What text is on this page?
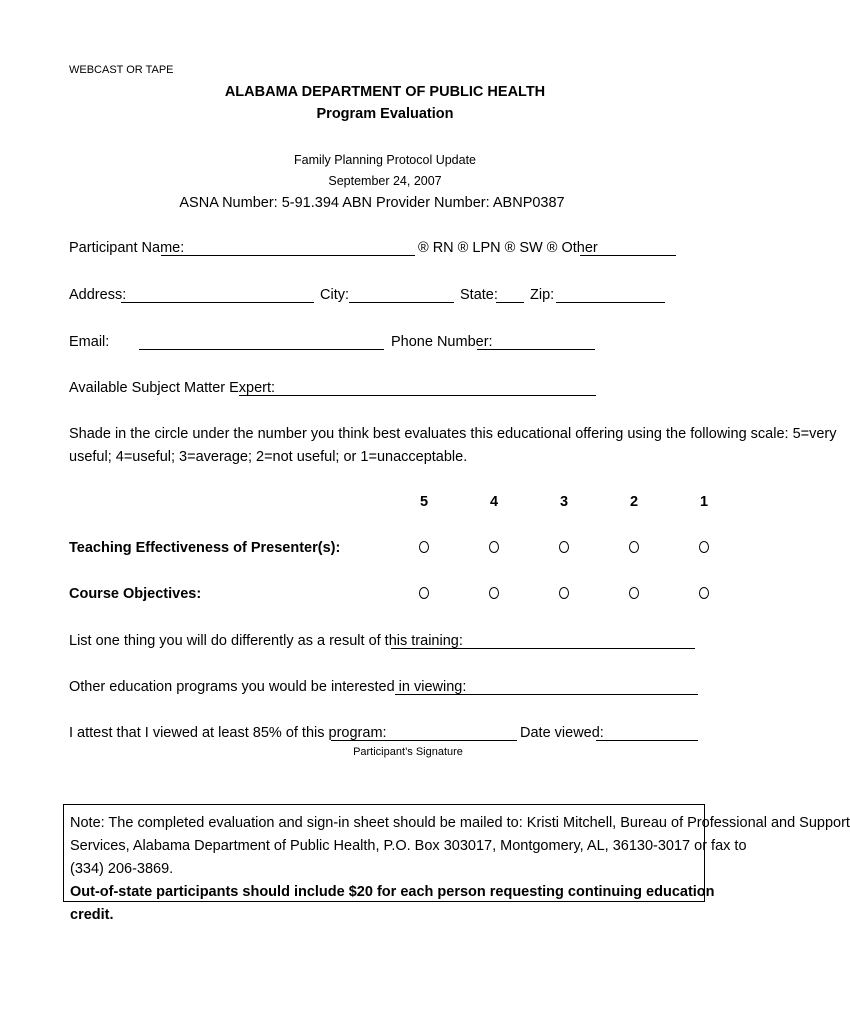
WEBCAST OR TAPE
ALABAMA DEPARTMENT OF PUBLIC HEALTH
Program Evaluation
Family Planning Protocol Update
September 24, 2007
ASNA Number: 5-91.394 ABN Provider Number: ABNP0387
Participant Name:	® RN ® LPN ® SW ® Other
Address:	City:	State: Zip:
Email:	Phone Number:
Available Subject Matter Expert:
Shade in the circle under the number you think best evaluates this educational offering using the following scale: 5=very
useful; 4=useful; 3=average; 2=not useful; or 1=unacceptable.
5	4	3	2	1
Teaching Effectiveness of Presenter(s):
Course Objectives:
List one thing you will do differently as a result of this training:
Other education programs you would be interested in viewing:
I attest that I viewed at least 85% of this program:	Date viewed:
Participant’s Signature
Note: The completed evaluation and sign-in sheet should be mailed to: Kristi Mitchell, Bureau of Professional and Support
Services, Alabama Department of Public Health, P.O. Box 303017, Montgomery, AL, 36130-3017 or fax to
(334) 206-3869.  Out-of-state participants should include $20 for each person requesting continuing education
credit.
